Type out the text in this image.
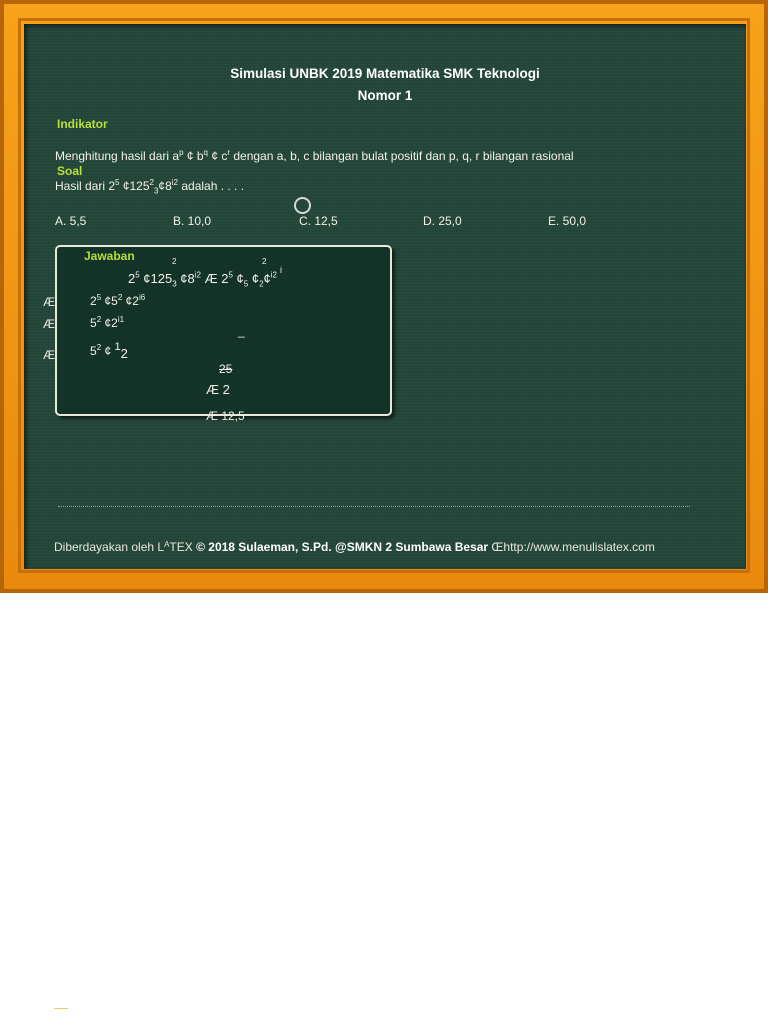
Simulasi UNBK 2019 Matematika SMK Teknologi
Nomor 1
Indikator
Menghitung hasil dari $a^p$ ¢ $b^q$ ¢ $c^r$ dengan a, b, c bilangan bulat positif dan p, q, r bilangan rasional
Soal
Hasil dari $2^5$ $¢125^2_3¢8^{i2}$ adalah . . . .
A. 5,5	B. 10,0	C. 12,5	D. 25,0	E. 50,0
Jawaban	2	2
i
$2^5$ $¢125_3$ $¢8^{i2}$ Æ $2^5$ $¢_5$ $¢_2¢^{i2}$
Æ	$2^5$ $¢5^2$ $¢2^{i6}$
Æ	$5^2$ $¢2^{i1}$
_
Æ	$5^2$ ¢ 12
25
Æ 2
Æ 12,5
Diberdayakan oleh $L^ATEX$ © 2018 Sulaeman, S.Pd. @SMKN 2 Sumbawa Besar Œhttp://www.menulislatex.com
